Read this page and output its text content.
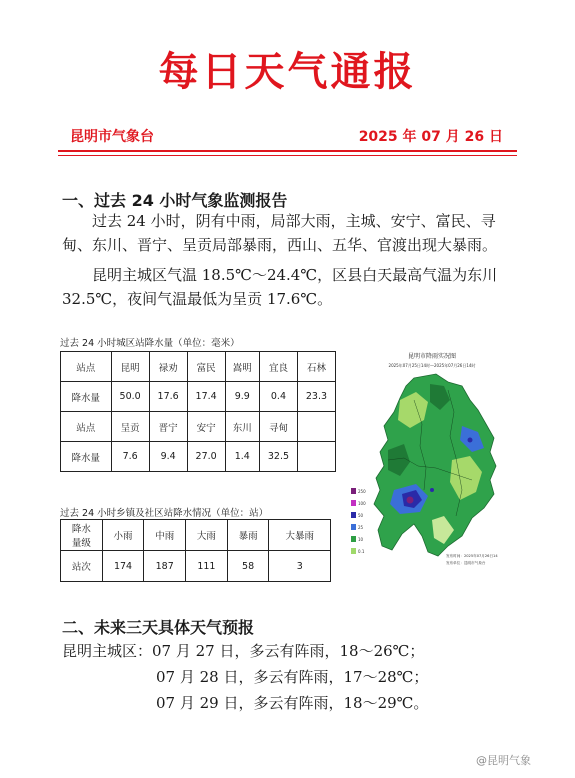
每日天气通报
昆明市气象台	2025 年 07 月 26 日
一、过去 24 小时气象监测报告
过去 24 小时，阴有中雨，局部大雨，主城、安宁、富民、寻甸、东川、晋宁、呈贡局部暴雨，西山、五华、官渡出现大暴雨。
昆明主城区气温 18.5℃～24.4℃，区县白天最高气温为东川 32.5℃，夜间气温最低为呈贡 17.6℃。
过去 24 小时城区站降水量（单位：毫米）
站点	昆明	禄劝	富民	嵩明	宜良	石林
降水量	50.0	17.6	17.4	9.9	0.4	23.3
站点	呈贡	晋宁	安宁	东川	寻甸	
降水量	7.6	9.4	27.0	1.4	32.5	
过去 24 小时乡镇及社区站降水情况（单位：站）
降水
量级	小雨	中雨	大雨	暴雨	大暴雨
站次	174	187	111	58	3
昆明市降雨实况图
2025年07月25日14时—2025年07月26日14时
250
100
50
25
10
0.1
发布时间：2025年07月26日14
发布单位：昆明市气象台
二、未来三天具体天气预报
昆明主城区：07 月 27 日，多云有阵雨，18～26℃；
07 月 28 日，多云有阵雨，17～28℃；
07 月 29 日，多云有阵雨，18～29℃。
@昆明气象
